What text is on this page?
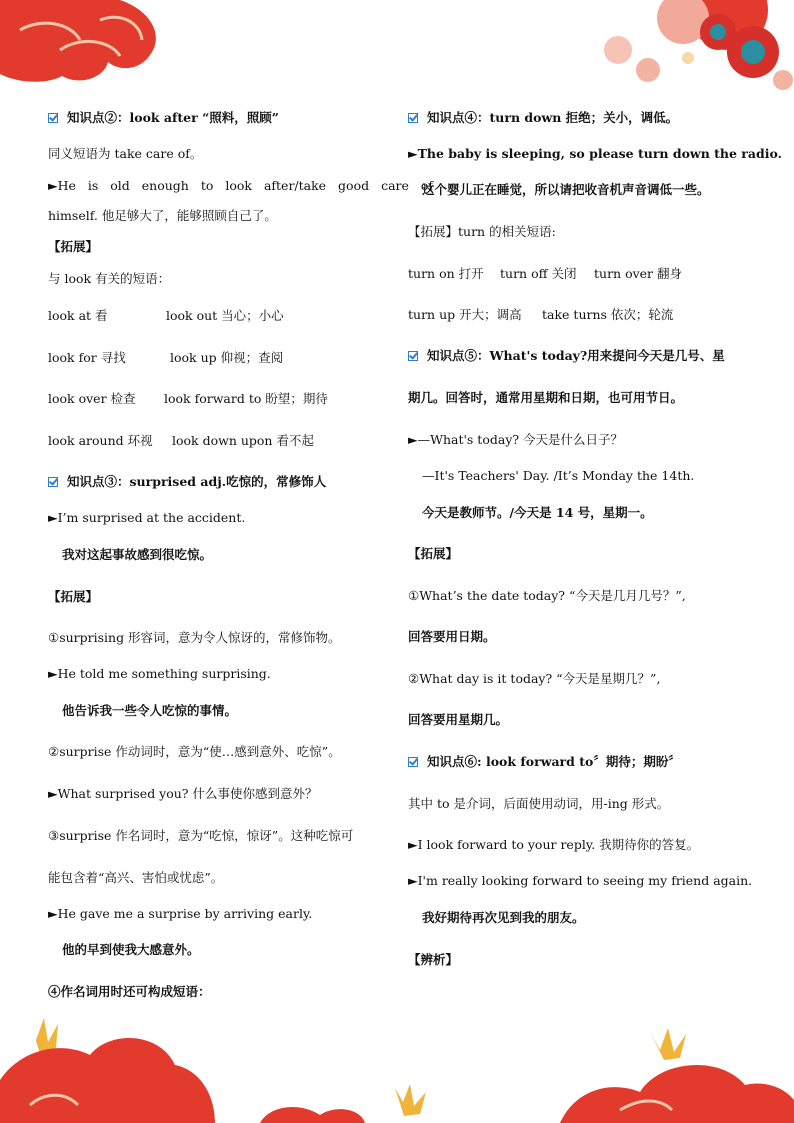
知识点②：look after “照料，照顾”
同义短语为 take care of。
►He is old enough to look after/take good care of
himself. 他足够大了，能够照顾自己了。
【拓展】
与 look 有关的短语：
look at 看	look out 当心；小心
look for 寻找	look up 仰视；查阅
look over 检查 look forward to 盼望；期待
look around 环视 look down upon 看不起
知识点③：surprised adj.吃惊的，常修饰人
►I’m surprised at the accident.
我对这起事故感到很吃惊。
【拓展】
①surprising 形容词，意为令人惊讶的，常修饰物。
►He told me something surprising.
他告诉我一些令人吃惊的事情。
②surprise 作动词时，意为“使…感到意外、吃惊”。
►What surprised you? 什么事使你感到意外？
③surprise 作名词时，意为“吃惊，惊讶”。这种吃惊可
能包含着“高兴、害怕或忧虑”。
►He gave me a surprise by arriving early.
他的早到使我大感意外。
④作名词用时还可构成短语：
知识点④：turn down 拒绝；关小，调低。
►The baby is sleeping, so please turn down the radio.
这个婴儿正在睡觉，所以请把收音机声音调低一些。
【拓展】turn 的相关短语:
turn on 打开 turn off 关闭 turn over 翻身
turn up 开大；调高 take turns 依次；轮流
知识点⑤：What's today?用来提问今天是几号、星
期几。回答时，通常用星期和日期，也可用节日。
►—What's today? 今天是什么日子？
—It's Teachers' Day. /It’s Monday the 14th.
今天是教师节。/今天是 14 号，星期一。
【拓展】
①What’s the date today? “今天是几月几号？”,
回答要用日期。
②What day is it today? “今天是星期几？”,
回答要用星期几。
知识点⑥: look forward to〞期待；期盼〞
其中 to 是介词，后面使用动词，用-ing 形式。
►I look forward to your reply. 我期待你的答复。
►I'm really looking forward to seeing my friend again.
我好期待再次见到我的朋友。
【辨析】
